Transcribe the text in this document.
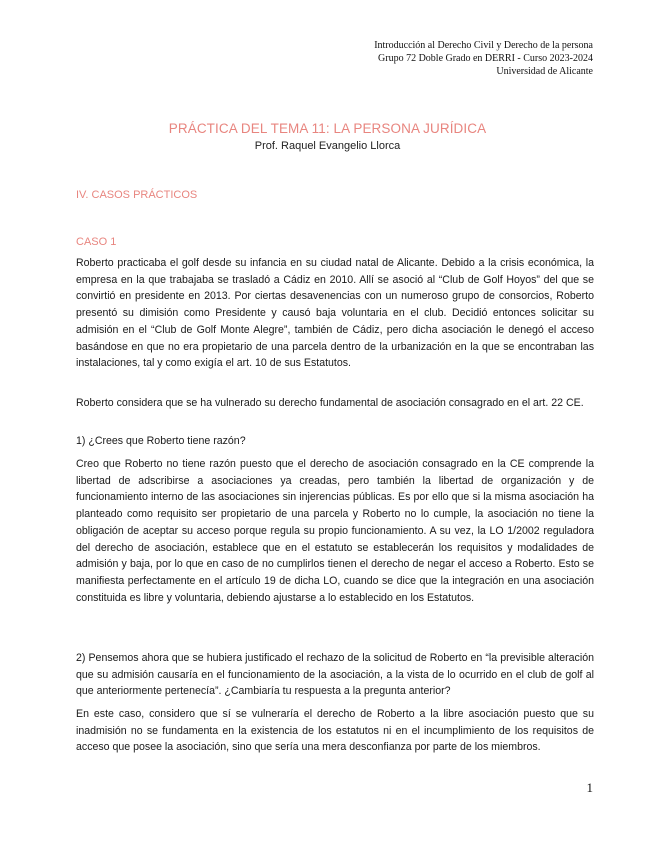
Introducción al Derecho Civil y Derecho de la persona
Grupo 72 Doble Grado en DERRI - Curso 2023-2024
Universidad de Alicante
PRÁCTICA DEL TEMA 11: LA PERSONA JURÍDICA
Prof. Raquel Evangelio Llorca
IV. CASOS PRÁCTICOS
CASO 1

Roberto practicaba el golf desde su infancia en su ciudad natal de Alicante. Debido a la crisis económica, la empresa en la que trabajaba se trasladó a Cádiz en 2010. Allí se asoció al “Club de Golf Hoyos” del que se convirtió en presidente en 2013. Por ciertas desavenencias con un numeroso grupo de consorcios, Roberto presentó su dimisión como Presidente y causó baja voluntaria en el club. Decidió entonces solicitar su admisión en el “Club de Golf Monte Alegre”, también de Cádiz, pero dicha asociación le denegó el acceso basándose en que no era propietario de una parcela dentro de la urbanización en la que se encontraban las instalaciones, tal y como exigía el art. 10 de sus Estatutos.

Roberto considera que se ha vulnerado su derecho fundamental de asociación consagrado en el art. 22 CE.

1) ¿Crees que Roberto tiene razón?

Creo que Roberto no tiene razón puesto que el derecho de asociación consagrado en la CE comprende la libertad de adscribirse a asociaciones ya creadas, pero también la libertad de organización y de funcionamiento interno de las asociaciones sin injerencias públicas. Es por ello que si la misma asociación ha planteado como requisito ser propietario de una parcela y Roberto no lo cumple, la asociación no tiene la obligación de aceptar su acceso porque regula su propio funcionamiento. A su vez, la LO 1/2002 reguladora del derecho de asociación, establece que en el estatuto se establecerán los requisitos y modalidades de admisión y baja, por lo que en caso de no cumplirlos tienen el derecho de negar el acceso a Roberto. Esto se manifiesta perfectamente en el artículo 19 de dicha LO, cuando se dice que la integración en una asociación constituida es libre y voluntaria, debiendo ajustarse a lo establecido en los Estatutos.

2) Pensemos ahora que se hubiera justificado el rechazo de la solicitud de Roberto en “la previsible alteración que su admisión causaría en el funcionamiento de la asociación, a la vista de lo ocurrido en el club de golf al que anteriormente pertenecía”. ¿Cambiaría tu respuesta a la pregunta anterior?

En este caso, considero que sí se vulneraría el derecho de Roberto a la libre asociación puesto que su inadmisión no se fundamenta en la existencia de los estatutos ni en el incumplimiento de los requisitos de acceso que posee la asociación, sino que sería una mera desconfianza por parte de los miembros.

1
